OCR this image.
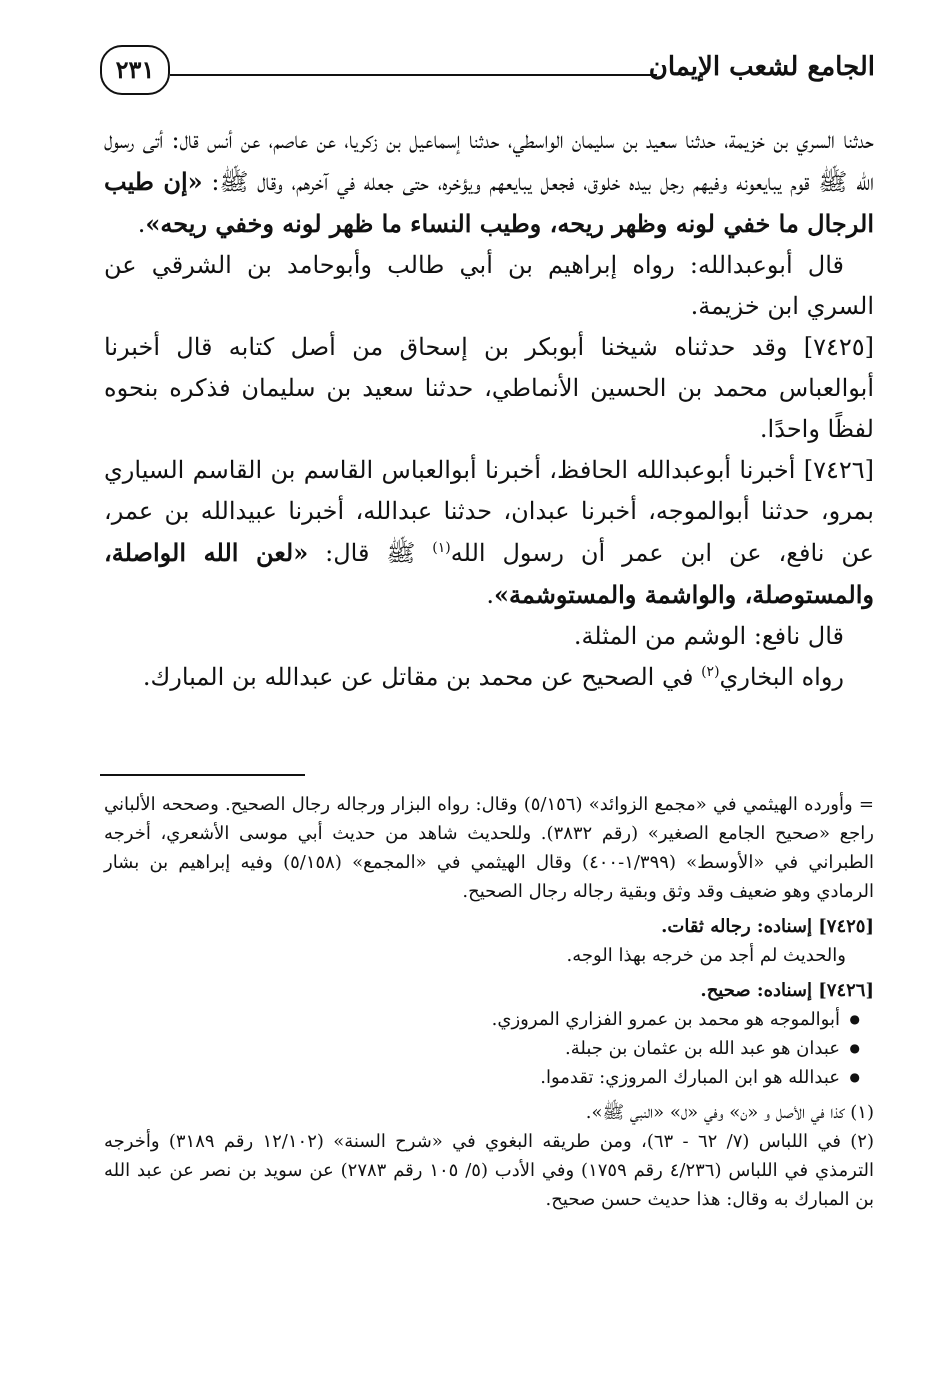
الجامع لشعب الإيمان
٢٣١

حدثنا السري بن خزيمة، حدثنا سعيد بن سليمان الواسطي، حدثنا إسماعيل بن زكريا، عن عاصم، عن أنس قال: أتى رسول الله ﷺ قوم يبايعونه وفيهم رجل بيده خلوق، فجعل يبايعهم ويؤخره، حتى جعله في آخرهم، وقال ﷺ: «إن طيب الرجال ما خفي لونه وظهر ريحه، وطيب النساء ما ظهر لونه وخفي ريحه».

قال أبوعبدالله: رواه إبراهيم بن أبي طالب وأبوحامد بن الشرقي عن السري ابن خزيمة.

[٧٤٢٥] وقد حدثناه شيخنا أبوبكر بن إسحاق من أصل كتابه قال أخبرنا أبوالعباس محمد بن الحسين الأنماطي، حدثنا سعيد بن سليمان فذكره بنحوه لفظًا واحدًا.

[٧٤٢٦] أخبرنا أبوعبدالله الحافظ، أخبرنا أبوالعباس القاسم بن القاسم السياري بمرو، حدثنا أبوالموجه، أخبرنا عبدان، حدثنا عبدالله، أخبرنا عبيدالله بن عمر، عن نافع، عن ابن عمر أن رسول الله$^{(١)}$ ﷺ قال: «لعن الله الواصلة، والمستوصلة، والواشمة والمستوشمة».

قال نافع: الوشم من المثلة.

رواه البخاري$^{(٢)}$ في الصحيح عن محمد بن مقاتل عن عبدالله بن المبارك.

= وأورده الهيثمي في «مجمع الزوائد» (٥/١٥٦) وقال: رواه البزار ورجاله رجال الصحيح. وصححه الألباني راجع «صحيح الجامع الصغير» (رقم ٣٨٣٢). وللحديث شاهد من حديث أبي موسى الأشعري، أخرجه الطبراني في «الأوسط» (١/٣٩٩-٤٠٠) وقال الهيثمي في «المجمع» (٥/١٥٨) وفيه إبراهيم بن بشار الرمادي وهو ضعيف وقد وثق وبقية رجاله رجال الصحيح.

[٧٤٢٥] إسناده: رجاله ثقات.

والحديث لم أجد من خرجه بهذا الوجه.

[٧٤٢٦] إسناده: صحيح.

● أبوالموجه هو محمد بن عمرو الفزاري المروزي.
● عبدان هو عبد الله بن عثمان بن جبلة.
● عبدالله هو ابن المبارك المروزي: تقدموا.

(١) كذا في الأصل و «ن» وفي «ل» «النبي ﷺ».

(٢) في اللباس (٧/ ٦٢ - ٦٣)، ومن طريقه البغوي في «شرح السنة» (١٢/١٠٢ رقم ٣١٨٩) وأخرجه الترمذي في اللباس (٤/٢٣٦ رقم ١٧٥٩) وفي الأدب (٥/ ١٠٥ رقم ٢٧٨٣) عن سويد بن نصر عن عبد الله بن المبارك به وقال: هذا حديث حسن صحيح.
